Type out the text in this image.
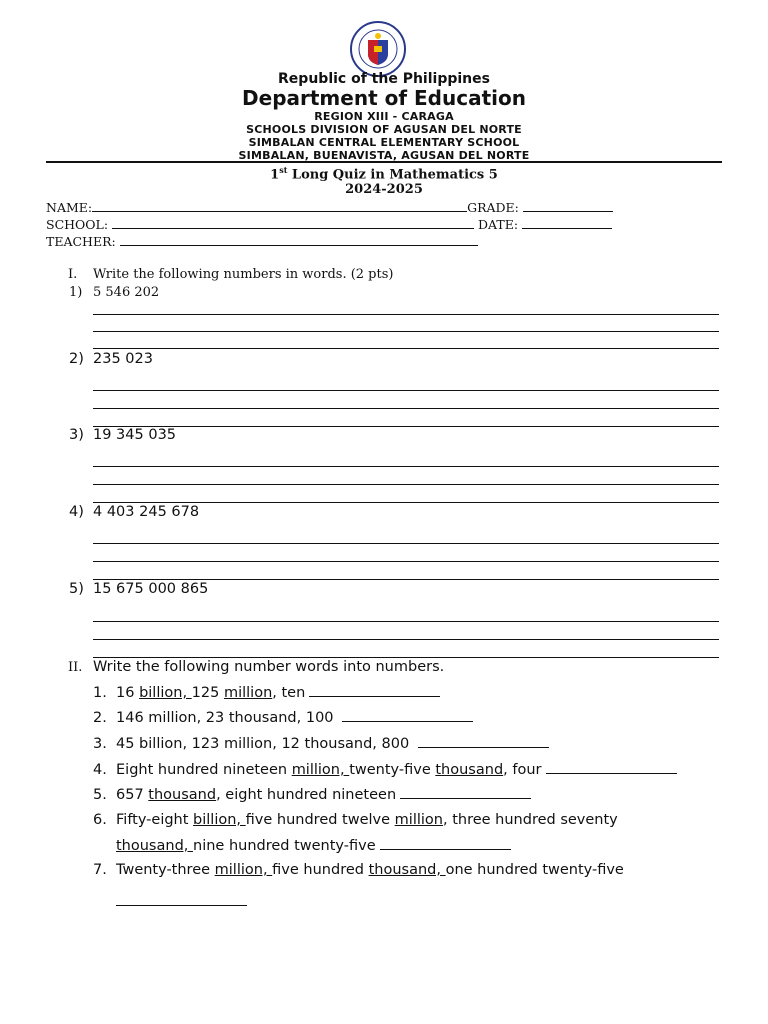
Republic of the Philippines
Department of Education
REGION XIII - CARAGA
SCHOOLS DIVISION OF AGUSAN DEL NORTE
SIMBALAN CENTRAL ELEMENTARY SCHOOL
SIMBALAN, BUENAVISTA, AGUSAN DEL NORTE
1st Long Quiz in Mathematics 5
2024-2025
NAME:	GRADE:
SCHOOL:	DATE:
TEACHER:
I. Write the following numbers in words. (2 pts)
1) 5 546 202
2) 235 023
3) 19 345 035
4) 4 403 245 678
5) 15 675 000 865
II. Write the following number words into numbers.
1. 16 billion, 125 million, ten
2. 146 million, 23 thousand, 100
3. 45 billion, 123 million, 12 thousand, 800
4. Eight hundred nineteen million, twenty-five thousand, four
5. 657 thousand, eight hundred nineteen
6. Fifty-eight billion, five hundred twelve million, three hundred seventy
thousand, nine hundred twenty-five
7. Twenty-three million, five hundred thousand, one hundred twenty-five
